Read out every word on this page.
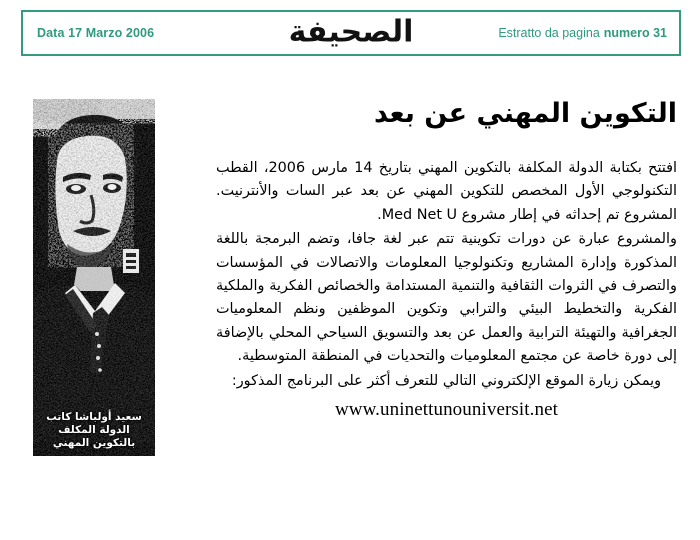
Data 17 Marzo 2006	الصحيفة	Estratto da pagina numero 31
سعيد أولباشا كاتب الدولة المكلف بالتكوين المهني
التكوين المهني عن بعد

افتتح بكتابة الدولة المكلفة بالتكوين المهني بتاريخ 14 مارس 2006، القطب التكنولوجي الأول المخصص للتكوين المهني عن بعد عبر السات والأنترنيت. المشروع تم إحداثه في إطار مشروع Med Net U.

والمشروع عبارة عن دورات تكوينية تتم عبر لغة جافا، وتضم البرمجة باللغة المذكورة وإدارة المشاريع وتكنولوجيا المعلومات والاتصالات في المؤسسات والتصرف في الثروات الثقافية والتنمية المستدامة والخصائص الفكرية والملكية الفكرية والتخطيط البيئي والترابي وتكوين الموظفين ونظم المعلوميات الجغرافية والتهيئة الترابية والعمل عن بعد والتسويق السياحي المحلي بالإضافة إلى دورة خاصة عن مجتمع المعلوميات والتحديات في المنطقة المتوسطية.

ويمكن زيارة الموقع الإلكتروني التالي للتعرف أكثر على البرنامج المذكور:

www.uninettunouniversit.net
